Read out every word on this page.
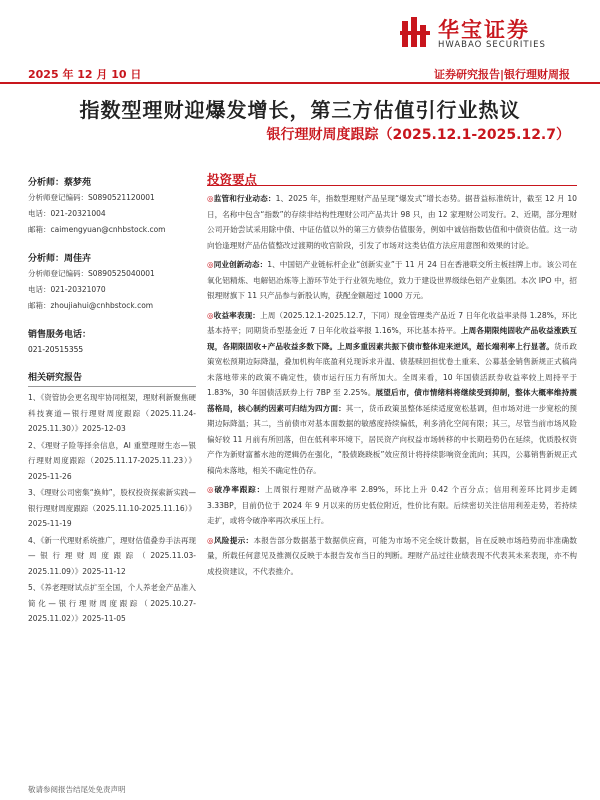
华宝证券
HWABAO SECURITIES
2025 年 12 月 10 日	证券研究报告|银行理财周报
指数型理财迎爆发增长，第三方估值引行业热议
银行理财周度跟踪（2025.12.1-2025.12.7）
分析师：蔡梦苑
分析师登记编码：S0890521120001
电话：021-20321004
邮箱：caimengyuan@cnhbstock.com
分析师：周佳卉
分析师登记编码：S0890525040001
电话：021-20321070
邮箱：zhoujiahui@cnhbstock.com
销售服务电话：
021-20515355
相关研究报告
1、《资管协会更名现牢协同框架，理财利新聚焦硬科技赛道—银行理财周度跟踪（2025.11.24-2025.11.30）》2025-12-03
2、《理财子险等择余信息，AI 重塑理财生态—银行理财周度跟踪（2025.11.17-2025.11.23）》2025-11-26
3、《理财公司密集“换帅”，股权投资探索新实践—银行理财周度跟踪（2025.11.10-2025.11.16）》2025-11-19
4、《新一代理财系统推广，理财估值叠券手法再现—银行理财周度跟踪（2025.11.03-2025.11.09）》2025-11-12
5、《养老理财试点扩至全国，个人养老金产品准入简化—银行理财周度跟踪（2025.10.27-2025.11.02）》2025-11-05
投资要点

◎监管和行业动态：1、2025 年，指数型理财产品呈现“爆发式”增长态势。据普益标准统计，截至 12 月 10 日，名称中包含“指数”的存续非结构性理财公司产品共计 98 只，由 12 家理财公司发行。2、近期，部分理财公司开始尝试采用除中债、中证估值以外的第三方债券估值服务，例如中诚信指数估值和中债资估值。这一动向恰逢理财产品估值整改过渡期的收官阶段，引发了市场对这类估值方法应用意图和效果的讨论。

◎同业创新动态：1、中国铝产业链标杆企业“创新实业”于 11 月 24 日在香港联交所主板挂牌上市。该公司在氧化铝精炼、电解铝冶炼等上游环节处于行业领先地位，致力于建设世界级绿色铝产业集团。本次 IPO 中，招银理财旗下 11 只产品参与新股认购，获配金额超过 1000 万元。

◎收益率表现：上周（2025.12.1-2025.12.7，下同）现金管理类产品近 7 日年化收益率录得 1.28%，环比基本持平；同期货币型基金近 7 日年化收益率报 1.16%，环比基本持平。上周各期限纯固收产品收益涨跌互现，各期限固收+产品收益多数下降。上周多重因素共振下债市整体迎来逆风，超长端利率上行显著。货币政策宽松预期边际降温，叠加机构年底盈利兑现诉求升温、债基赎回担忧卷土重来、公募基金销售新规正式稿尚未落地带来的政策不确定性，债市运行压力有所加大。全周来看，10 年国债活跃券收益率较上周持平于 1.83%，30 年国债活跃券上行 7BP 至 2.25%。展望后市，债市情绪料将继续受到抑制，整体大概率维持震荡格局，核心制约因素可归结为四方面：其一，货币政策虽整体延续适度宽松基调，但市场对进一步宽松的预期边际降温；其二，当前债市对基本面数据的敏感度持续偏低，利多消化空间有限；其三，尽管当前市场风险偏好较 11 月前有所回落，但在低利率环境下，居民资产向权益市场转移的中长期趋势仍在延续，优质股权资产作为新财富蓄水池的逻辑仍在强化，“股债跷跷板”效应预计将持续影响资金流向；其四，公募销售新规正式稿尚未落地，相关不确定性仍存。

◎破净率跟踪：上周银行理财产品破净率 2.89%，环比上升 0.42 个百分点；信用利差环比同步走阔 3.33BP，目前仍位于 2024 年 9 月以来的历史低位附近，性价比有限。后续密切关注信用利差走势，若持续走扩，或将令破净率再次承压上行。

◎风险提示：本报告部分数据基于数据供应商，可能为市场不完全统计数据，旨在反映市场趋势而非准确数量，所载任何意见及推测仅反映于本报告发布当日的判断。理财产品过往业绩表现不代表其未来表现，亦不构成投资建议，不代表推介。

敬请参阅报告结尾处免责声明
